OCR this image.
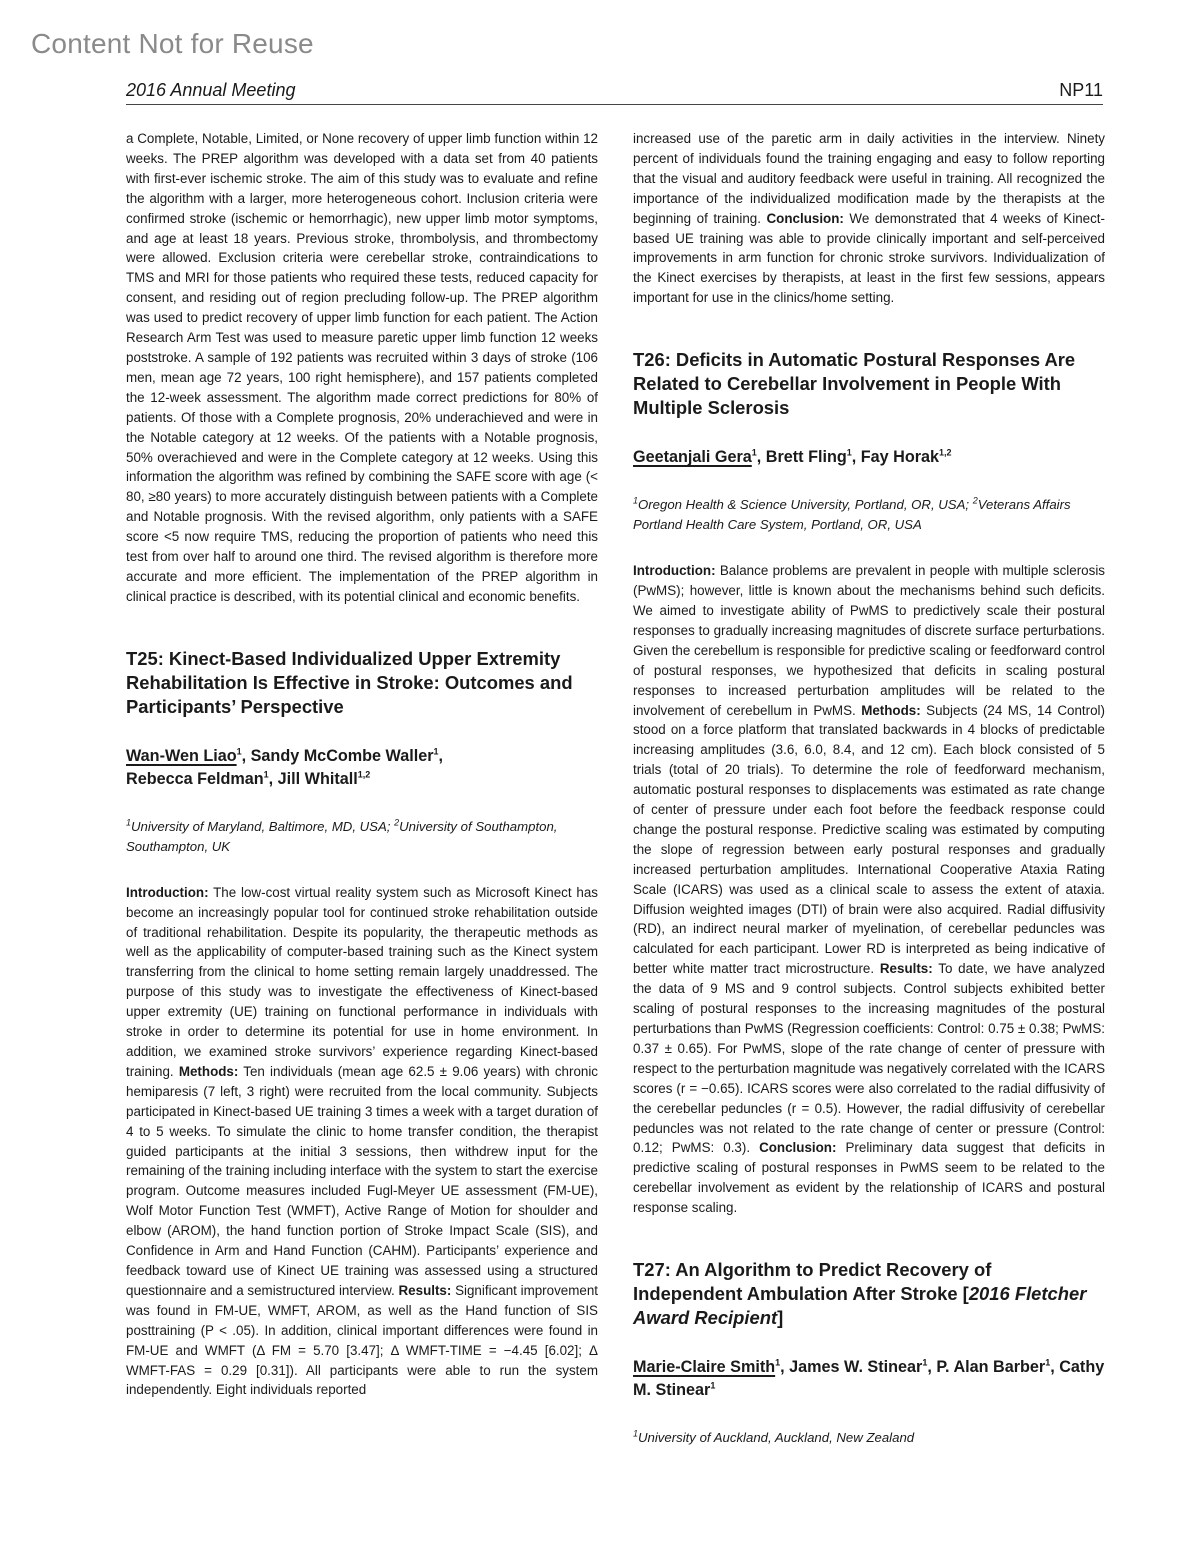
Content Not for Reuse
2016 Annual Meeting	NP11

a Complete, Notable, Limited, or None recovery of upper limb function within 12 weeks. The PREP algorithm was developed with a data set from 40 patients with first-ever ischemic stroke. The aim of this study was to evaluate and refine the algorithm with a larger, more heterogeneous cohort. Inclusion criteria were confirmed stroke (ischemic or hemorrhagic), new upper limb motor symptoms, and age at least 18 years. Previous stroke, thrombolysis, and thrombectomy were allowed. Exclusion criteria were cerebellar stroke, contraindications to TMS and MRI for those patients who required these tests, reduced capacity for consent, and residing out of region precluding follow-up. The PREP algorithm was used to predict recovery of upper limb function for each patient. The Action Research Arm Test was used to measure paretic upper limb function 12 weeks poststroke. A sample of 192 patients was recruited within 3 days of stroke (106 men, mean age 72 years, 100 right hemisphere), and 157 patients completed the 12-week assessment. The algorithm made correct predictions for 80% of patients. Of those with a Complete prognosis, 20% underachieved and were in the Notable category at 12 weeks. Of the patients with a Notable prognosis, 50% overachieved and were in the Complete category at 12 weeks. Using this information the algorithm was refined by combining the SAFE score with age (< 80, ≥80 years) to more accurately distinguish between patients with a Complete and Notable prognosis. With the revised algorithm, only patients with a SAFE score <5 now require TMS, reducing the proportion of patients who need this test from over half to around one third. The revised algorithm is therefore more accurate and more efficient. The implementation of the PREP algorithm in clinical practice is described, with its potential clinical and economic benefits.

T25: Kinect-Based Individualized Upper Extremity Rehabilitation Is Effective in Stroke: Outcomes and Participants’ Perspective

Wan-Wen Liao$^1$, Sandy McCombe Waller$^1$,
Rebecca Feldman$^1$, Jill Whitall$^{1,2}$

$^1$University of Maryland, Baltimore, MD, USA; $^2$University of Southampton, Southampton, UK

Introduction: The low-cost virtual reality system such as Microsoft Kinect has become an increasingly popular tool for continued stroke rehabilitation outside of traditional rehabilitation. Despite its popularity, the therapeutic methods as well as the applicability of computer-based training such as the Kinect system transferring from the clinical to home setting remain largely unaddressed. The purpose of this study was to investigate the effectiveness of Kinect-based upper extremity (UE) training on functional performance in individuals with stroke in order to determine its potential for use in home environment. In addition, we examined stroke survivors’ experience regarding Kinect-based training. Methods: Ten individuals (mean age 62.5 ± 9.06 years) with chronic hemiparesis (7 left, 3 right) were recruited from the local community. Subjects participated in Kinect-based UE training 3 times a week with a target duration of 4 to 5 weeks. To simulate the clinic to home transfer condition, the therapist guided participants at the initial 3 sessions, then withdrew input for the remaining of the training including interface with the system to start the exercise program. Outcome measures included Fugl-Meyer UE assessment (FM-UE), Wolf Motor Function Test (WMFT), Active Range of Motion for shoulder and elbow (AROM), the hand function portion of Stroke Impact Scale (SIS), and Confidence in Arm and Hand Function (CAHM). Participants’ experience and feedback toward use of Kinect UE training was assessed using a structured questionnaire and a semistructured interview. Results: Significant improvement was found in FM-UE, WMFT, AROM, as well as the Hand function of SIS posttraining (P < .05). In addition, clinical important differences were found in FM-UE and WMFT (Δ FM = 5.70 [3.47]; Δ WMFT-TIME = −4.45 [6.02]; Δ WMFT-FAS = 0.29 [0.31]). All participants were able to run the system independently. Eight individuals reported

increased use of the paretic arm in daily activities in the interview. Ninety percent of individuals found the training engaging and easy to follow reporting that the visual and auditory feedback were useful in training. All recognized the importance of the individualized modification made by the therapists at the beginning of training. Conclusion: We demonstrated that 4 weeks of Kinect-based UE training was able to provide clinically important and self-perceived improvements in arm function for chronic stroke survivors. Individualization of the Kinect exercises by therapists, at least in the first few sessions, appears important for use in the clinics/home setting.

T26: Deficits in Automatic Postural Responses Are Related to Cerebellar Involvement in People With Multiple Sclerosis

Geetanjali Gera$^1$, Brett Fling$^1$, Fay Horak$^{1,2}$

$^1$Oregon Health & Science University, Portland, OR, USA; $^2$Veterans Affairs Portland Health Care System, Portland, OR, USA

Introduction: Balance problems are prevalent in people with multiple sclerosis (PwMS); however, little is known about the mechanisms behind such deficits. We aimed to investigate ability of PwMS to predictively scale their postural responses to gradually increasing magnitudes of discrete surface perturbations. Given the cerebellum is responsible for predictive scaling or feedforward control of postural responses, we hypothesized that deficits in scaling postural responses to increased perturbation amplitudes will be related to the involvement of cerebellum in PwMS. Methods: Subjects (24 MS, 14 Control) stood on a force platform that translated backwards in 4 blocks of predictable increasing amplitudes (3.6, 6.0, 8.4, and 12 cm). Each block consisted of 5 trials (total of 20 trials). To determine the role of feedforward mechanism, automatic postural responses to displacements was estimated as rate change of center of pressure under each foot before the feedback response could change the postural response. Predictive scaling was estimated by computing the slope of regression between early postural responses and gradually increased perturbation amplitudes. International Cooperative Ataxia Rating Scale (ICARS) was used as a clinical scale to assess the extent of ataxia. Diffusion weighted images (DTI) of brain were also acquired. Radial diffusivity (RD), an indirect neural marker of myelination, of cerebellar peduncles was calculated for each participant. Lower RD is interpreted as being indicative of better white matter tract microstructure. Results: To date, we have analyzed the data of 9 MS and 9 control subjects. Control subjects exhibited better scaling of postural responses to the increasing magnitudes of the postural perturbations than PwMS (Regression coefficients: Control: 0.75 ± 0.38; PwMS: 0.37 ± 0.65). For PwMS, slope of the rate change of center of pressure with respect to the perturbation magnitude was negatively correlated with the ICARS scores (r = −0.65). ICARS scores were also correlated to the radial diffusivity of the cerebellar peduncles (r = 0.5). However, the radial diffusivity of cerebellar peduncles was not related to the rate change of center or pressure (Control: 0.12; PwMS: 0.3). Conclusion: Preliminary data suggest that deficits in predictive scaling of postural responses in PwMS seem to be related to the cerebellar involvement as evident by the relationship of ICARS and postural response scaling.

T27: An Algorithm to Predict Recovery of Independent Ambulation After Stroke [2016 Fletcher Award Recipient]

Marie-Claire Smith$^1$, James W. Stinear$^1$, P. Alan Barber$^1$, Cathy M. Stinear$^1$

$^1$University of Auckland, Auckland, New Zealand
